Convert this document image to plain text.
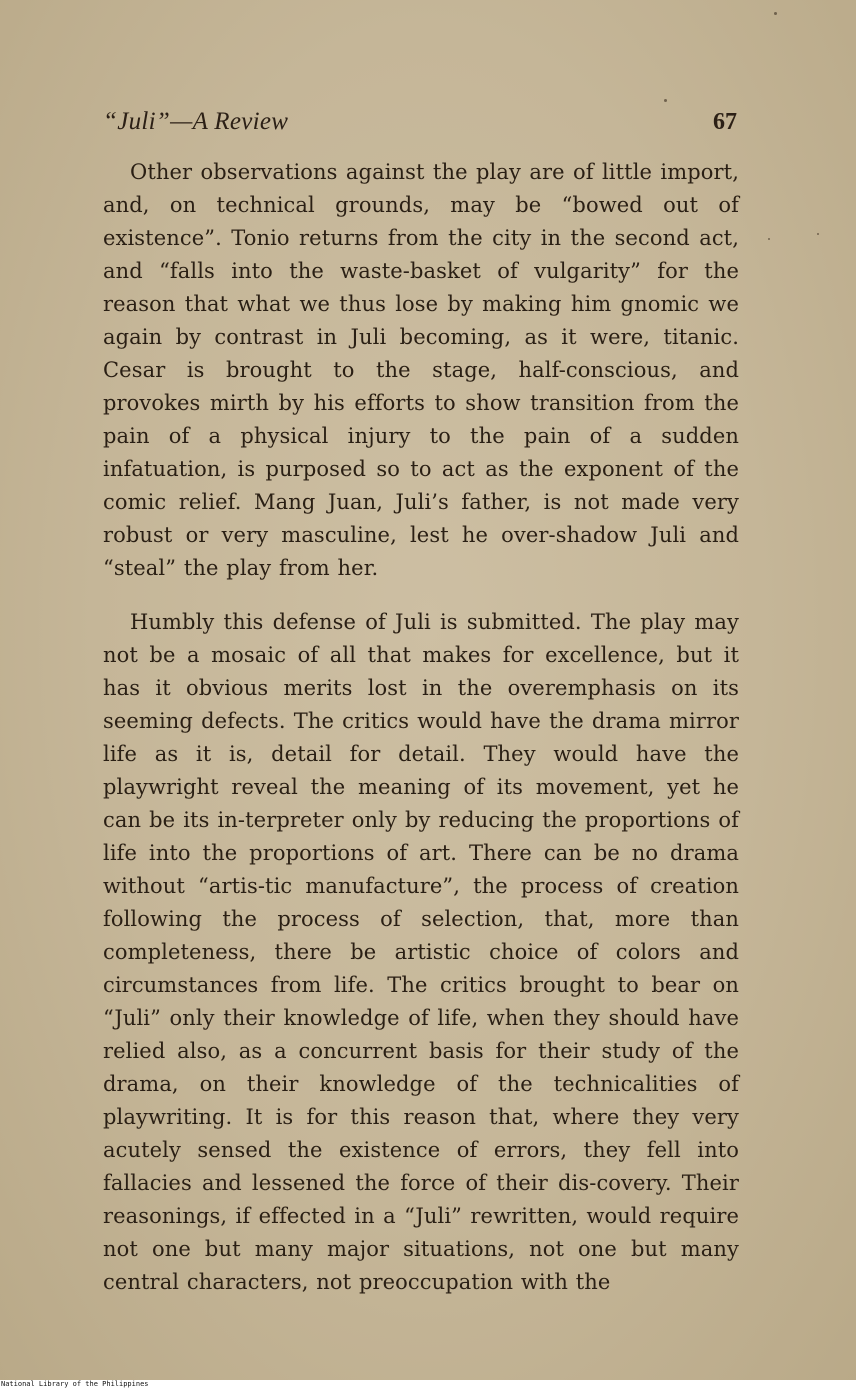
“Juli”—A Review	67

Other observations against the play are of little import, and, on technical grounds, may be “bowed out of existence”. Tonio returns from the city in the second act, and “falls into the waste-basket of vulgarity” for the reason that what we thus lose by making him gnomic we again by contrast in Juli becoming, as it were, titanic. Cesar is brought to the stage, half-conscious, and provokes mirth by his efforts to show transition from the pain of a physical injury to the pain of a sudden infatuation, is purposed so to act as the exponent of the comic relief. Mang Juan, Juli’s father, is not made very robust or very masculine, lest he over-shadow Juli and “steal” the play from her.

Humbly this defense of Juli is submitted. The play may not be a mosaic of all that makes for excellence, but it has it obvious merits lost in the overemphasis on its seeming defects. The critics would have the drama mirror life as it is, detail for detail. They would have the playwright reveal the meaning of its movement, yet he can be its in-terpreter only by reducing the proportions of life into the proportions of art. There can be no drama without “artis-tic manufacture”, the process of creation following the process of selection, that, more than completeness, there be artistic choice of colors and circumstances from life. The critics brought to bear on “Juli” only their knowledge of life, when they should have relied also, as a concurrent basis for their study of the drama, on their knowledge of the technicalities of playwriting. It is for this reason that, where they very acutely sensed the existence of errors, they fell into fallacies and lessened the force of their dis-covery. Their reasonings, if effected in a “Juli” rewritten, would require not one but many major situations, not one but many central characters, not preoccupation with the

National Library of the Philippines
